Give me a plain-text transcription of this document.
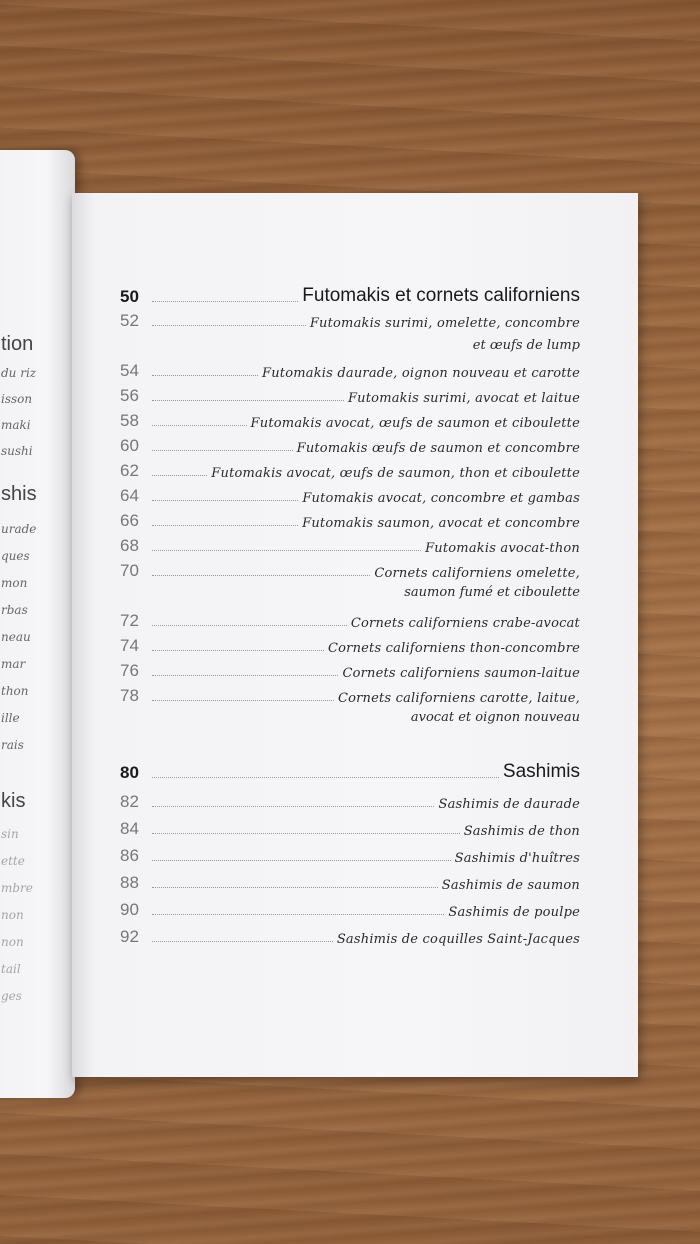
tion
du riz
isson
maki
sushi
shis
urade
ques
mon
rbas
neau
mar
thon
ille
rais
kis
sin
ette
mbre
non
non
tail
ges
50	Futomakis et cornets californiens
52	Futomakis surimi, omelette, concombre
et œufs de lump
54	Futomakis daurade, oignon nouveau et carotte
56	Futomakis surimi, avocat et laitue
58	Futomakis avocat, œufs de saumon et ciboulette
60	Futomakis œufs de saumon et concombre
62	Futomakis avocat, œufs de saumon, thon et ciboulette
64	Futomakis avocat, concombre et gambas
66	Futomakis saumon, avocat et concombre
68	Futomakis avocat-thon
70	Cornets californiens omelette,
saumon fumé et ciboulette
72	Cornets californiens crabe-avocat
74	Cornets californiens thon-concombre
76	Cornets californiens saumon-laitue
78	Cornets californiens carotte, laitue,
avocat et oignon nouveau
80	Sashimis
82	Sashimis de daurade
84	Sashimis de thon
86	Sashimis d'huîtres
88	Sashimis de saumon
90	Sashimis de poulpe
92	Sashimis de coquilles Saint-Jacques
